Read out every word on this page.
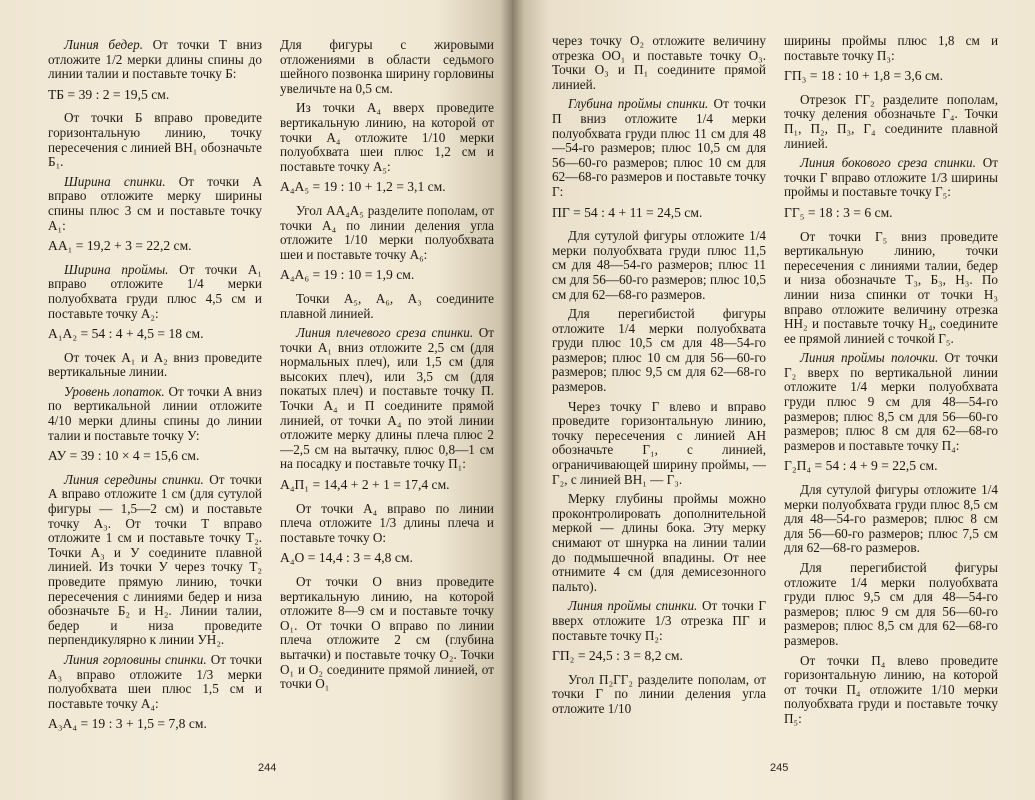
Линия бедер. От точки Т вниз отложите 1/2 мерки длины спины до линии талии и поставьте точку Б:

ТБ = 39 : 2 = 19,5 см.

От точки Б вправо проведите горизонтальную линию, точку пересечения с линией ВН₁ обозначьте Б₁.

Ширина спинки. От точки А вправо отложите мерку ширины спины плюс 3 см и поставьте точку А₁:

АА₁ = 19,2 + 3 = 22,2 см.

Ширина проймы. От точки А₁ вправо отложите 1/4 мерки полуобхвата груди плюс 4,5 см и поставьте точку А₂:

А₁А₂ = 54 : 4 + 4,5 = 18 см.

От точек А₁ и А₂ вниз проведите вертикальные линии.

Уровень лопаток. От точки А вниз по вертикальной линии отложите 4/10 мерки длины спины до линии талии и поставьте точку У:

АУ = 39 : 10 × 4 = 15,6 см.

Линия середины спинки. От точки А вправо отложите 1 см (для сутулой фигуры — 1,5—2 см) и поставьте точку А₃. От точки Т вправо отложите 1 см и поставьте точку Т₂. Точки А₃ и У соедините плавной линией. Из точки У через точку Т₂ проведите прямую линию, точки пересечения с линиями бедер и низа обозначьте Б₂ и Н₂. Линии талии, бедер и низа проведите перпендикулярно к линии УН₂.

Линия горловины спинки. От точки А₃ вправо отложите 1/3 мерки полуобхвата шеи плюс 1,5 см и поставьте точку А₄:

А₃А₄ = 19 : 3 + 1,5 = 7,8 см.

Для фигуры с жировыми отложениями в области седьмого шейного позвонка ширину горловины увеличьте на 0,5 см.

Из точки А₄ вверх проведите вертикальную линию, на которой от точки А₄ отложите 1/10 мерки полуобхвата шеи плюс 1,2 см и поставьте точку А₅:

А₄А₅ = 19 : 10 + 1,2 = 3,1 см.

Угол АА₄А₅ разделите пополам, от точки А₄ по линии деления угла отложите 1/10 мерки полуобхвата шеи и поставьте точку А₆:

А₄А₆ = 19 : 10 = 1,9 см.

Точки А₅, А₆, А₃ соедините плавной линией.

Линия плечевого среза спинки. От точки А₁ вниз отложите 2,5 см (для нормальных плеч), или 1,5 см (для высоких плеч), или 3,5 см (для покатых плеч) и поставьте точку П. Точки А₄ и П соедините прямой линией, от точки А₄ по этой линии отложите мерку длины плеча плюс 2—2,5 см на вытачку, плюс 0,8—1 см на посадку и поставьте точку П₁:

А₄П₁ = 14,4 + 2 + 1 = 17,4 см.

От точки А₄ вправо по линии плеча отложите 1/3 длины плеча и поставьте точку О:

А₄О = 14,4 : 3 = 4,8 см.

От точки О вниз проведите вертикальную линию, на которой отложите 8—9 см и поставьте точку О₁. От точки О вправо по линии плеча отложите 2 см (глубина вытачки) и поставьте точку О₂. Точки О₁ и О₂ соедините прямой линией, от точки О₁

244

через точку О₂ отложите величину отрезка ОО₁ и поставьте точку О₃. Точки О₃ и П₁ соедините прямой линией.

Глубина проймы спинки. От точки П вниз отложите 1/4 мерки полуобхвата груди плюс 11 см для 48—54-го размеров; плюс 10,5 см для 56—60-го размеров; плюс 10 см для 62—68-го размеров и поставьте точку Г:

ПГ = 54 : 4 + 11 = 24,5 см.

Для сутулой фигуры отложите 1/4 мерки полуобхвата груди плюс 11,5 см для 48—54-го размеров; плюс 11 см для 56—60-го размеров; плюс 10,5 см для 62—68-го размеров.

Для перегибистой фигуры отложите 1/4 мерки полуобхвата груди плюс 10,5 см для 48—54-го размеров; плюс 10 см для 56—60-го размеров; плюс 9,5 см для 62—68-го размеров.

Через точку Г влево и вправо проведите горизонтальную линию, точку пересечения с линией АН обозначьте Г₁, с линией, ограничивающей ширину проймы, — Г₂, с линией ВН₁ — Г₃.

Мерку глубины проймы можно проконтролировать дополнительной меркой — длины бока. Эту мерку снимают от шнурка на линии талии до подмышечной впадины. От нее отнимите 4 см (для демисезонного пальто).

Линия проймы спинки. От точки Г вверх отложите 1/3 отрезка ПГ и поставьте точку П₂:

ГП₂ = 24,5 : 3 = 8,2 см.

Угол П₂ГГ₂ разделите пополам, от точки Г по линии деления угла отложите 1/10

ширины проймы плюс 1,8 см и поставьте точку П₃:

ГП₃ = 18 : 10 + 1,8 = 3,6 см.

Отрезок ГГ₂ разделите пополам, точку деления обозначьте Г₄. Точки П₁, П₂, П₃, Г₄ соедините плавной линией.

Линия бокового среза спинки. От точки Г вправо отложите 1/3 ширины проймы и поставьте точку Г₅:

ГГ₅ = 18 : 3 = 6 см.

От точки Г₅ вниз проведите вертикальную линию, точки пересечения с линиями талии, бедер и низа обозначьте Т₃, Б₃, Н₃. По линии низа спинки от точки Н₃ вправо отложите величину отрезка НН₂ и поставьте точку Н₄, соедините ее прямой линией с точкой Г₅.

Линия проймы полочки. От точки Г₂ вверх по вертикальной линии отложите 1/4 мерки полуобхвата груди плюс 9 см для 48—54-го размеров; плюс 8,5 см для 56—60-го размеров; плюс 8 см для 62—68-го размеров и поставьте точку П₄:

Г₂П₄ = 54 : 4 + 9 = 22,5 см.

Для сутулой фигуры отложите 1/4 мерки полуобхвата груди плюс 8,5 см для 48—54-го размеров; плюс 8 см для 56—60-го размеров; плюс 7,5 см для 62—68-го размеров.

Для перегибистой фигуры отложите 1/4 мерки полуобхвата груди плюс 9,5 см для 48—54-го размеров; плюс 9 см для 56—60-го размеров; плюс 8,5 см для 62—68-го размеров.

От точки П₄ влево проведите горизонтальную линию, на которой от точки П₄ отложите 1/10 мерки полуобхвата груди и поставьте точку П₅:

245
